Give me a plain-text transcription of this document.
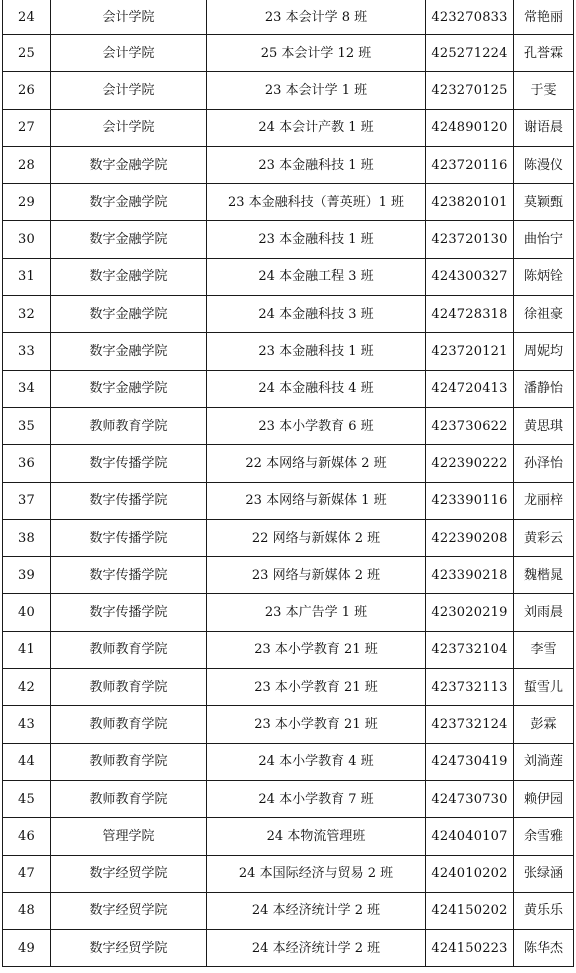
24	会计学院	23 本会计学 8 班	423270833	常艳丽
25	会计学院	25 本会计学 12 班	425271224	孔誉霖
26	会计学院	23 本会计学 1 班	423270125	于雯
27	会计学院	24 本会计产教 1 班	424890120	谢语晨
28	数字金融学院	23 本金融科技 1 班	423720116	陈漫仪
29	数字金融学院	23 本金融科技（菁英班）1 班	423820101	莫颖甄
30	数字金融学院	23 本金融科技 1 班	423720130	曲怡宁
31	数字金融学院	24 本金融工程 3 班	424300327	陈炳铨
32	数字金融学院	24 本金融科技 3 班	424728318	徐祖豪
33	数字金融学院	23 本金融科技 1 班	423720121	周妮均
34	数字金融学院	24 本金融科技 4 班	424720413	潘静怡
35	教师教育学院	23 本小学教育 6 班	423730622	黄思琪
36	数字传播学院	22 本网络与新媒体 2 班	422390222	孙泽怡
37	数字传播学院	23 本网络与新媒体 1 班	423390116	龙丽梓
38	数字传播学院	22 网络与新媒体 2 班	422390208	黄彩云
39	数字传播学院	23 网络与新媒体 2 班	423390218	魏楷晁
40	数字传播学院	23 本广告学 1 班	423020219	刘雨晨
41	教师教育学院	23 本小学教育 21 班	423732104	李雪
42	教师教育学院	23 本小学教育 21 班	423732113	蜇雪儿
43	教师教育学院	23 本小学教育 21 班	423732124	彭霖
44	教师教育学院	24 本小学教育 4 班	424730419	刘淌莲
45	教师教育学院	24 本小学教育 7 班	424730730	赖伊园
46	管理学院	24 本物流管理班	424040107	余雪雅
47	数字经贸学院	24 本国际经济与贸易 2 班	424010202	张绿涵
48	数字经贸学院	24 本经济统计学 2 班	424150202	黄乐乐
49	数字经贸学院	24 本经济统计学 2 班	424150223	陈华杰
